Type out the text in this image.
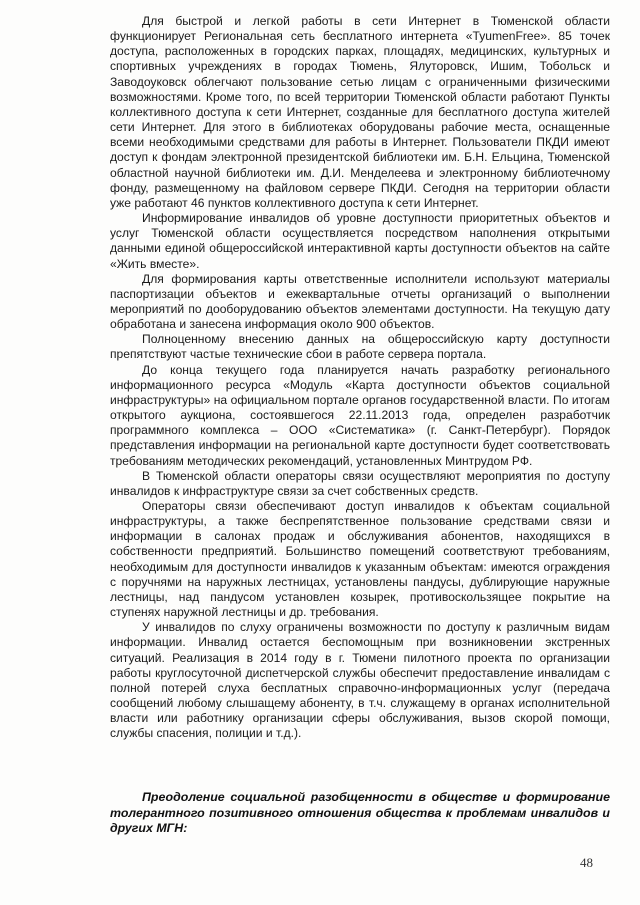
Для быстрой и легкой работы в сети Интернет в Тюменской области функционирует Региональная сеть бесплатного интернета «TyumenFree». 85 точек доступа, расположенных в городских парках, площадях, медицинских, культурных и спортивных учреждениях в городах Тюмень, Ялуторовск, Ишим, Тобольск и Заводоуковск облегчают пользование сетью лицам с ограниченными физическими возможностями. Кроме того, по всей территории Тюменской области работают Пункты коллективного доступа к сети Интернет, созданные для бесплатного доступа жителей сети Интернет. Для этого в библиотеках оборудованы рабочие места, оснащенные всеми необходимыми средствами для работы в Интернет. Пользователи ПКДИ имеют доступ к фондам электронной президентской библиотеки им. Б.Н. Ельцина, Тюменской областной научной библиотеки им. Д.И. Менделеева и электронному библиотечному фонду, размещенному на файловом сервере ПКДИ. Сегодня на территории области уже работают 46 пунктов коллективного доступа к сети Интернет.

Информирование инвалидов об уровне доступности приоритетных объектов и услуг Тюменской области осуществляется посредством наполнения открытыми данными единой общероссийской интерактивной карты доступности объектов на сайте «Жить вместе».

Для формирования карты ответственные исполнители используют материалы паспортизации объектов и ежеквартальные отчеты организаций о выполнении мероприятий по дооборудованию объектов элементами доступности. На текущую дату обработана и занесена информация около 900 объектов.

Полноценному внесению данных на общероссийскую карту доступности препятствуют частые технические сбои в работе сервера портала.

До конца текущего года планируется начать разработку регионального информационного ресурса «Модуль «Карта доступности объектов социальной инфраструктуры» на официальном портале органов государственной власти. По итогам открытого аукциона, состоявшегося 22.11.2013 года, определен разработчик программного комплекса – ООО «Систематика» (г. Санкт-Петербург). Порядок представления информации на региональной карте доступности будет соответствовать требованиям методических рекомендаций, установленных Минтрудом РФ.

В Тюменской области операторы связи осуществляют мероприятия по доступу инвалидов к инфраструктуре связи за счет собственных средств.

Операторы связи обеспечивают доступ инвалидов к объектам социальной инфраструктуры, а также беспрепятственное пользование средствами связи и информации в салонах продаж и обслуживания абонентов, находящихся в собственности предприятий. Большинство помещений соответствуют требованиям, необходимым для доступности инвалидов к указанным объектам: имеются ограждения с поручнями на наружных лестницах, установлены пандусы, дублирующие наружные лестницы, над пандусом установлен козырек, противоскользящее покрытие на ступенях наружной лестницы и др. требования.

У инвалидов по слуху ограничены возможности по доступу к различным видам информации. Инвалид остается беспомощным при возникновении экстренных ситуаций. Реализация в 2014 году в г. Тюмени пилотного проекта по организации работы круглосуточной диспетчерской службы обеспечит предоставление инвалидам с полной потерей слуха бесплатных справочно-информационных услуг (передача сообщений любому слышащему абоненту, в т.ч. служащему в органах исполнительной власти или работнику организации сферы обслуживания, вызов скорой помощи, службы спасения, полиции и т.д.).

Преодоление социальной разобщенности в обществе и формирование толерантного позитивного отношения общества к проблемам инвалидов и других МГН:
48
